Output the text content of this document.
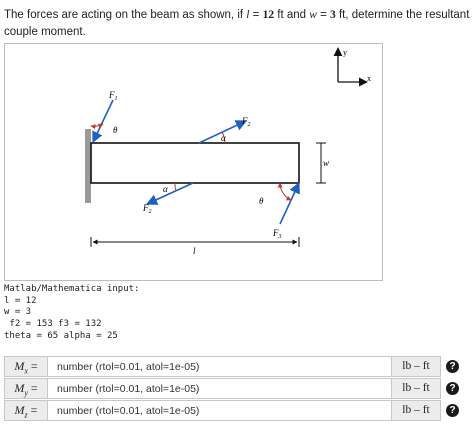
The forces are acting on the beam as shown, if l = 12 ft and w = 3 ft, determine the resultant couple moment.
y
x
$F_1$
θ
$F_2$
α
$F_2$
α
$F_3$
θ
w
l
Matlab/Mathematica input:
l = 12
w = 3
f2 = 153 f3 = 132
theta = 65 alpha = 25
$M_x$ =
number (rtol=0.01, atol=1e-05)	lb – ft	?
$M_y$ =
number (rtol=0.01, atol=1e-05)	lb – ft	?
$M_z$ =
number (rtol=0.01, atol=1e-05)	lb – ft	?
